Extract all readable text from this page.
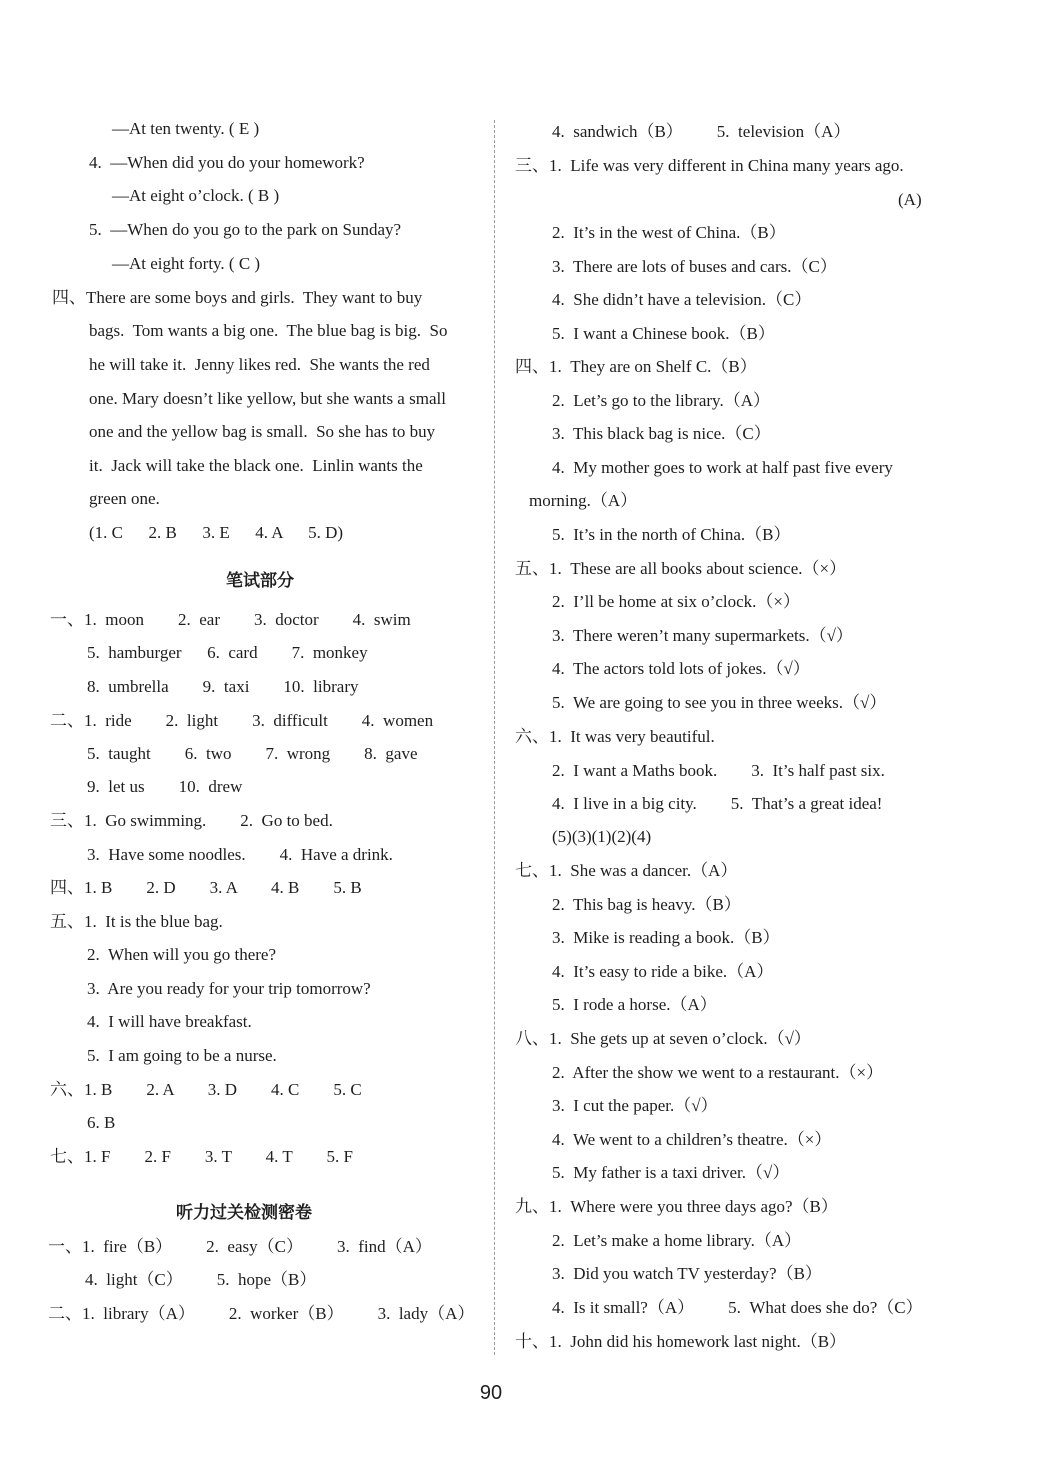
—At ten twenty. ( E )
4.  —When did you do your homework?
—At eight o’clock. ( B )
5.  —When do you go to the park on Sunday?
—At eight forty. ( C )
四、There are some boys and girls.  They want to buy
bags.  Tom wants a big one.  The blue bag is big.  So
he will take it.  Jenny likes red.  She wants the red
one. Mary doesn’t like yellow, but she wants a small
one and the yellow bag is small.  So she has to buy
it.  Jack will take the black one.  Linlin wants the
green one.
(1. C      2. B      3. E      4. A      5. D)
笔试部分
一、1.  moon        2.  ear        3.  doctor        4.  swim
5.  hamburger      6.  card        7.  monkey
8.  umbrella        9.  taxi        10.  library
二、1.  ride        2.  light        3.  difficult        4.  women
5.  taught        6.  two        7.  wrong        8.  gave
9.  let us        10.  drew
三、1.  Go swimming.        2.  Go to bed.
3.  Have some noodles.        4.  Have a drink.
四、1. B        2. D        3. A        4. B        5. B
五、1.  It is the blue bag.
2.  When will you go there?
3.  Are you ready for your trip tomorrow?
4.  I will have breakfast.
5.  I am going to be a nurse.
六、1. B        2. A        3. D        4. C        5. C
6. B
七、1. F        2. F        3. T        4. T        5. F
听力过关检测密卷
一、1.  fire（B）        2.  easy（C）        3.  find（A）
4.  light（C）        5.  hope（B）
二、1.  library（A）        2.  worker（B）        3.  lady（A）
4.  sandwich（B）        5.  television（A）
三、1.  Life was very different in China many years ago.
(A)
2.  It’s in the west of China.（B）
3.  There are lots of buses and cars.（C）
4.  She didn’t have a television.（C）
5.  I want a Chinese book.（B）
四、1.  They are on Shelf C.（B）
2.  Let’s go to the library.（A）
3.  This black bag is nice.（C）
4.  My mother goes to work at half past five every
morning.（A）
5.  It’s in the north of China.（B）
五、1.  These are all books about science.（×）
2.  I’ll be home at six o’clock.（×）
3.  There weren’t many supermarkets.（√）
4.  The actors told lots of jokes.（√）
5.  We are going to see you in three weeks.（√）
六、1.  It was very beautiful.
2.  I want a Maths book.        3.  It’s half past six.
4.  I live in a big city.        5.  That’s a great idea!
(5)(3)(1)(2)(4)
七、1.  She was a dancer.（A）
2.  This bag is heavy.（B）
3.  Mike is reading a book.（B）
4.  It’s easy to ride a bike.（A）
5.  I rode a horse.（A）
八、1.  She gets up at seven o’clock.（√）
2.  After the show we went to a restaurant.（×）
3.  I cut the paper.（√）
4.  We went to a children’s theatre.（×）
5.  My father is a taxi driver.（√）
九、1.  Where were you three days ago?（B）
2.  Let’s make a home library.（A）
3.  Did you watch TV yesterday?（B）
4.  Is it small?（A）        5.  What does she do?（C）
十、1.  John did his homework last night.（B）
90
